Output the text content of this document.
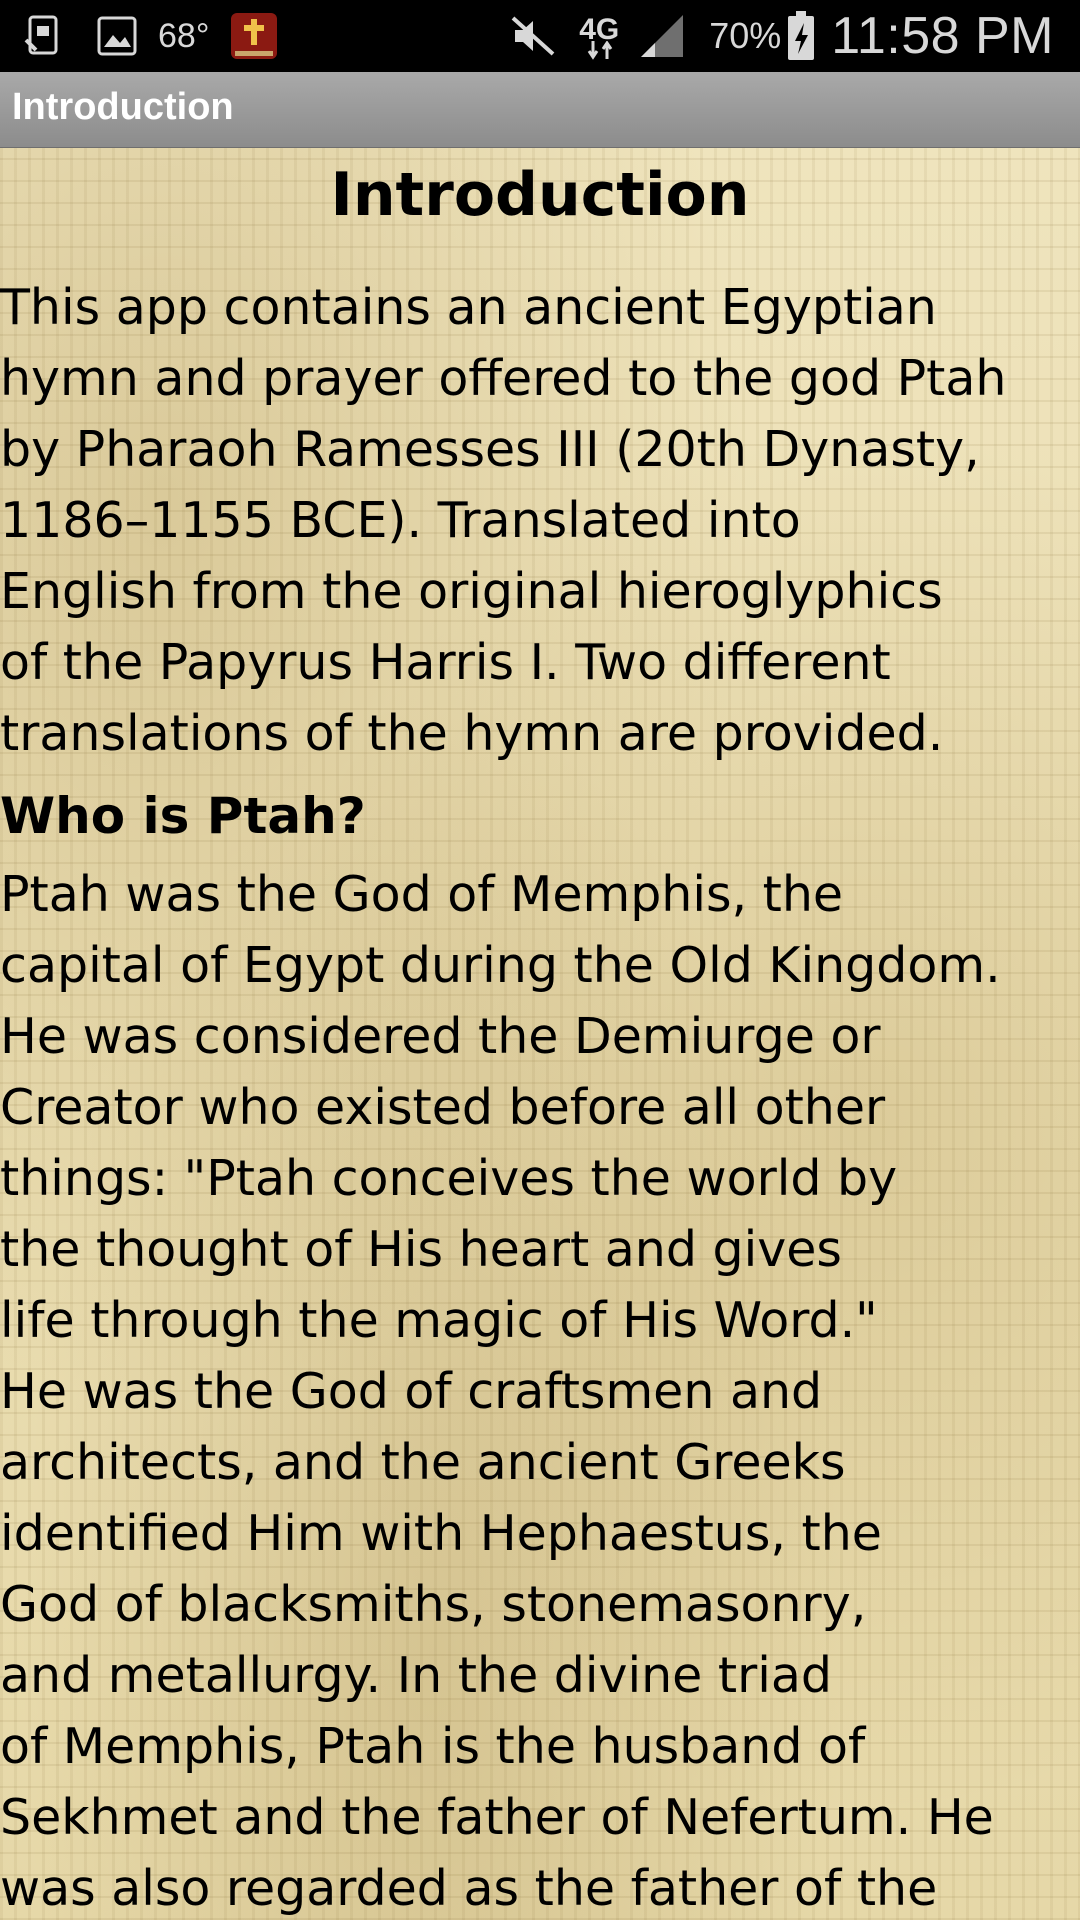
68°	4G 70% 11:58 PM
Introduction
Introduction

This app contains an ancient Egyptian
hymn and prayer offered to the god Ptah
by Pharaoh Ramesses III (20th Dynasty,
1186–1155 BCE). Translated into
English from the original hieroglyphics
of the Papyrus Harris I. Two different
translations of the hymn are provided.

Who is Ptah?

Ptah was the God of Memphis, the
capital of Egypt during the Old Kingdom.
He was considered the Demiurge or
Creator who existed before all other
things: "Ptah conceives the world by
the thought of His heart and gives
life through the magic of His Word."
He was the God of craftsmen and
architects, and the ancient Greeks
identified Him with Hephaestus, the
God of blacksmiths, stonemasonry,
and metallurgy. In the divine triad
of Memphis, Ptah is the husband of
Sekhmet and the father of Nefertum. He
was also regarded as the father of the
